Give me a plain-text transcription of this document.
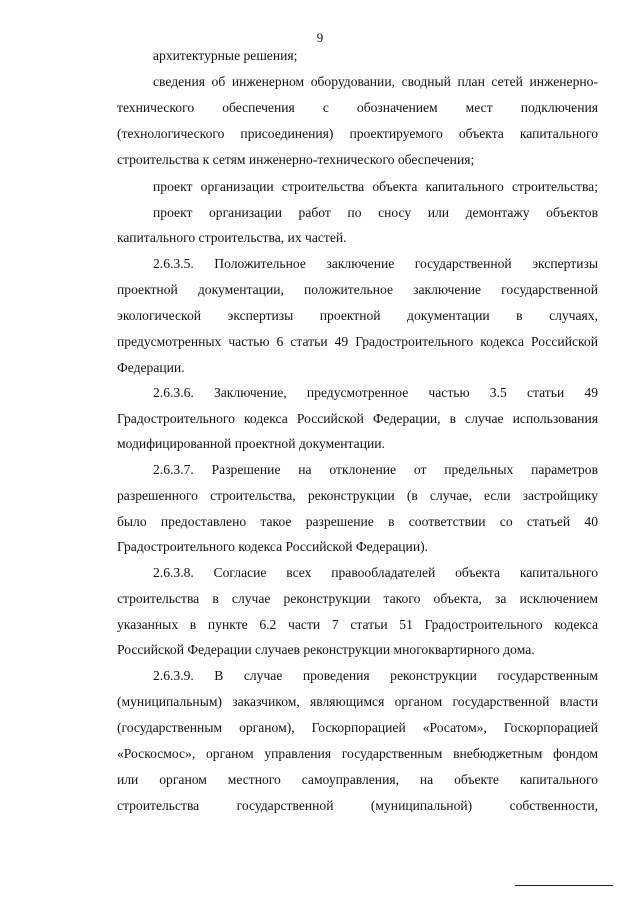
9
архитектурные решения;
сведения об инженерном оборудовании, сводный план сетей инженерно-
технического обеспечения с обозначением мест подключения
(технологического присоединения) проектируемого объекта капитального
строительства к сетям инженерно-технического обеспечения;
проект организации строительства объекта капитального строительства;
проект организации работ по сносу или демонтажу объектов
капитального строительства, их частей.
2.6.3.5. Положительное заключение государственной экспертизы
проектной документации, положительное заключение государственной
экологической экспертизы проектной документации в случаях,
предусмотренных частью 6 статьи 49 Градостроительного кодекса Российской
Федерации.
2.6.3.6. Заключение, предусмотренное частью 3.5 статьи 49
Градостроительного кодекса Российской Федерации, в случае использования
модифицированной проектной документации.
2.6.3.7. Разрешение на отклонение от предельных параметров
разрешенного строительства, реконструкции (в случае, если застройщику
было предоставлено такое разрешение в соответствии со статьей 40
Градостроительного кодекса Российской Федерации).
2.6.3.8. Согласие всех правообладателей объекта капитального
строительства в случае реконструкции такого объекта, за исключением
указанных в пункте 6.2 части 7 статьи 51 Градостроительного кодекса
Российской Федерации случаев реконструкции многоквартирного дома.
2.6.3.9. В случае проведения реконструкции государственным
(муниципальным) заказчиком, являющимся органом государственной власти
(государственным органом), Госкорпорацией «Росатом», Госкорпорацией
«Роскосмос», органом управления государственным внебюджетным фондом
или органом местного самоуправления, на объекте капитального
строительства государственной (муниципальной) собственности,
